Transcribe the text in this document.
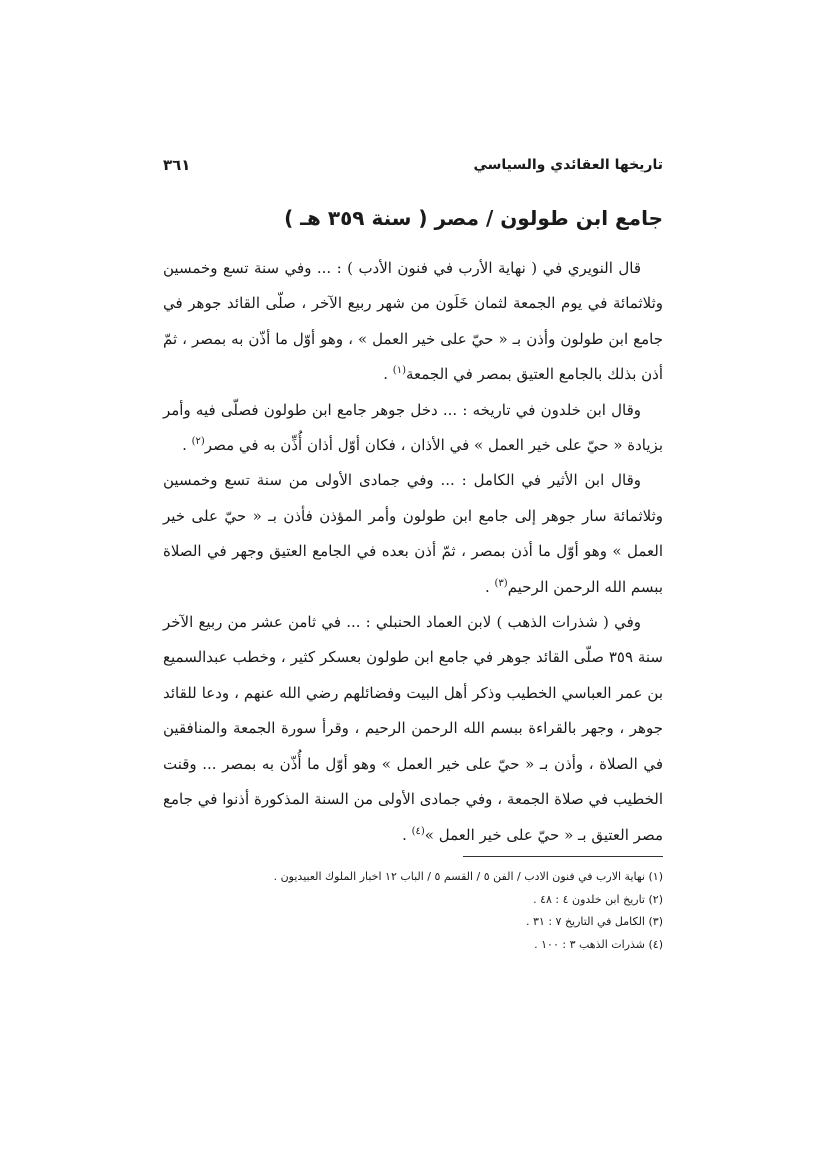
تاريخها العقائدي والسياسي
٣٦١
جامع ابن طولون / مصر ( سنة ٣٥٩ هـ )

قال النويري في ( نهاية الأرب في فنون الأدب ) : ... وفي سنة تسع وخمسين وثلاثمائة في يوم الجمعة لثمان خَلَون من شهر ربيع الآخر ، صلّى القائد جوهر في جامع ابن طولون وأذن بـ « حيّ على خير العمل » ، وهو أوّل ما أذّن به بمصر ، ثمّ أذن بذلك بالجامع العتيق بمصر في الجمعة$^{(١)}$ .

وقال ابن خلدون في تاريخه : ... دخل جوهر جامع ابن طولون فصلّى فيه وأمر بزيادة « حيّ على خير العمل » في الأذان ، فكان أوّل أذان أُذِّن به في مصر$^{(٢)}$ .

وقال ابن الأثير في الكامل : ... وفي جمادى الأولى من سنة تسع وخمسين وثلاثمائة سار جوهر إلى جامع ابن طولون وأمر المؤذن فأذن بـ « حيّ على خير العمل » وهو أوّل ما أذن بمصر ، ثمّ أذن بعده في الجامع العتيق وجهر في الصلاة ببسم الله الرحمن الرحيم$^{(٣)}$ .

وفي ( شذرات الذهب ) لابن العماد الحنبلي : ... في ثامن عشر من ربيع الآخر سنة ٣٥٩ صلّى القائد جوهر في جامع ابن طولون بعسكر كثير ، وخطب عبدالسميع بن عمر العباسي الخطيب وذكر أهل البيت وفضائلهم رضي الله عنهم ، ودعا للقائد جوهر ، وجهر بالقراءة ببسم الله الرحمن الرحيم ، وقرأ سورة الجمعة والمنافقين في الصلاة ، وأذن بـ « حيّ على خير العمل » وهو أوّل ما أُذّن به بمصر ... وقنت الخطيب في صلاة الجمعة ، وفي جمادى الأولى من السنة المذكورة أذنوا في جامع مصر العتيق بـ « حيّ على خير العمل »$^{(٤)}$ .

(١) نهاية الارب في فنون الادب / الفن ٥ / القسم ٥ / الباب ١٢ اخبار الملوك العبيديون .

(٢) تاريخ ابن خلدون ٤ : ٤٨ .

(٣) الكامل في التاريخ ٧ : ٣١ .

(٤) شذرات الذهب ٣ : ١٠٠ .
